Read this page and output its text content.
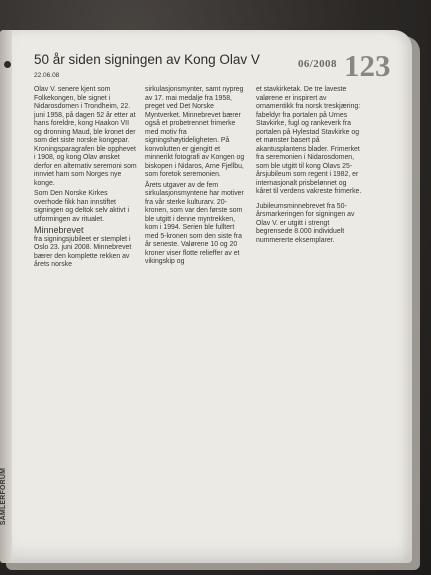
SAMLERFORUM
50 år siden signingen av Kong Olav V
22.06.08
06/2008 123

Olav V. senere kjent som Folkekongen, ble signet i Nidarosdomen i Trondheim, 22. juni 1958, på dagen 52 år etter at hans foreldre, kong Haakon VII og dronning Maud, ble kronet der som det siste norske kongepar. Kroningsparagrafen ble opphevet i 1908, og kong Olav ønsket derfor en alternativ seremoni som innviet ham som Norges nye konge.

Som Den Norske Kirkes overhode fikk han innstiftet signingen og deltok selv aktivt i utformingen av ritualet.

Minnebrevet

fra signingsjubileet er stemplet i Oslo 23. juni 2008. Minnebrevet bærer den komplette rekken av årets norske

sirkulasjonsmynter, samt nypreg av 17. mai medalje fra 1958, preget ved Det Norske Myntverket. Minnebrevet bærer også et probetrennet frimerke med motiv fra signingshøytideligheten. På konvolutten er gjengitt et minnerikt fotografi av Kongen og biskopen i Nidaros, Arne Fjellbu, som foretok seremonien.

Årets utgaver av de fem sirkulasjonsmyntene har motiver fra vår sterke kulturarv. 20-kronen, som var den første som ble utgitt i denne myntrekken, kom i 1994. Serien ble fulltert med 5-kronen som den siste fra år seneste. Valørene 10 og 20 kroner viser flotte relieffer av et vikingskip og

et stavkirketak. De tre laveste valørene er inspirert av ornamentikk fra norsk treskjæring: fabeldyr fra portalen på Urnes Stavkirke, fugl og rankeverk fra portalen på Hylestad Stavkirke og et mønster basert på akantusplantens blader. Frimerket fra seremonien i Nidarosdomen, som ble utgitt til kong Olavs 25-årsjubileum som regent i 1982, er internasjonalt prisbelønnet og kåret til verdens vakreste frimerke.

Jubileumsminnebrevet fra 50-årsmarkeringen for signingen av Olav V. er utgitt i strengt begrensede 8.000 individuelt nummererte eksemplarer.
